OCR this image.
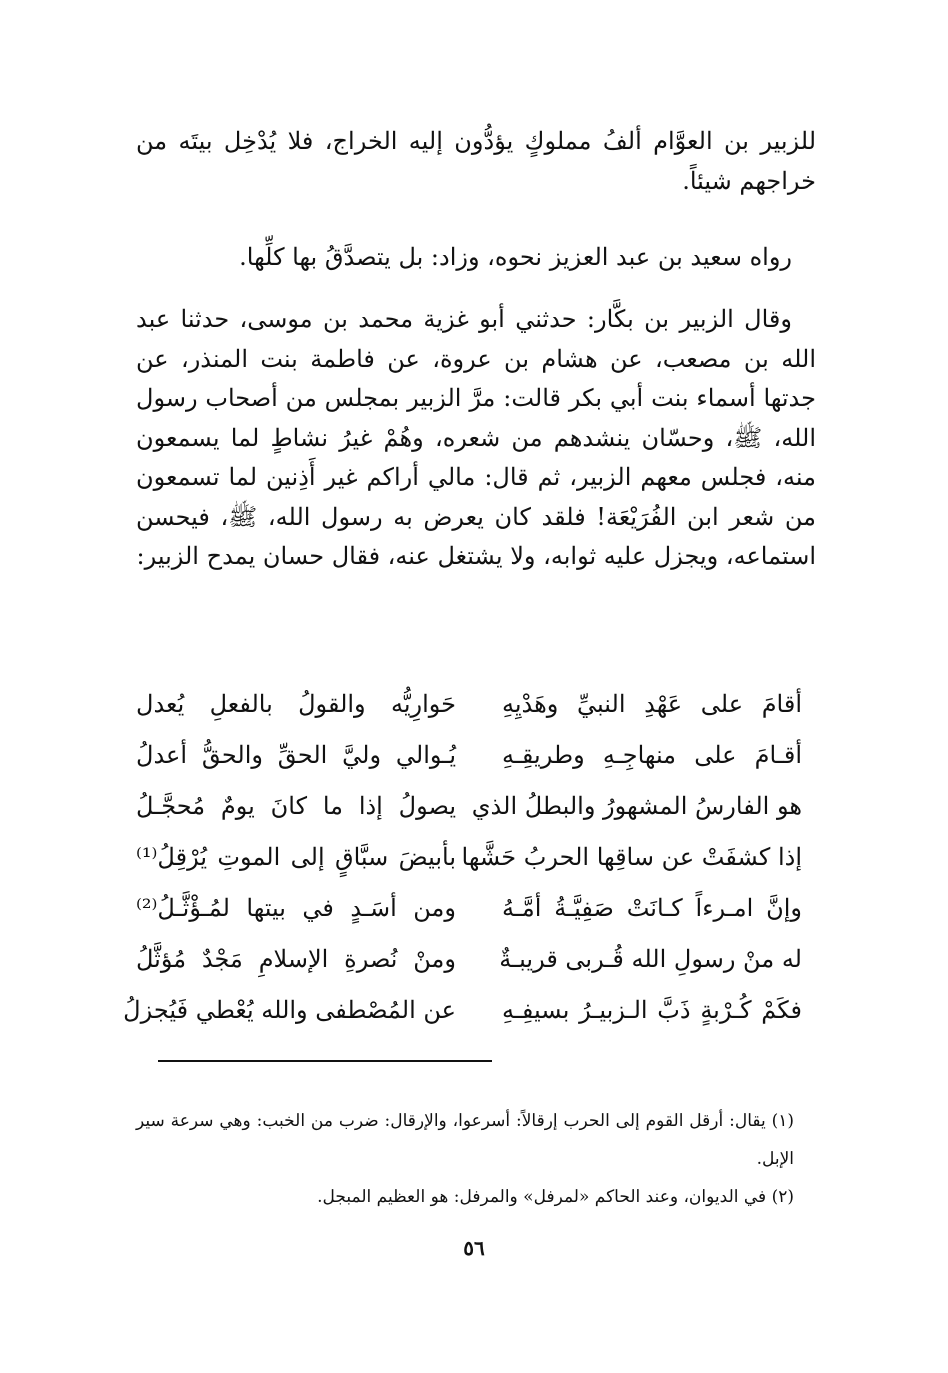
للزبير بن العوَّام ألفُ مملوكٍ يؤدُّون إليه الخراج، فلا يُدْخِل بيتَه من خراجهم شيئاً.

رواه سعيد بن عبد العزيز نحوه، وزاد: بل يتصدَّقُ بها كلِّها.

وقال الزبير بن بكَّار: حدثني أبو غزية محمد بن موسى، حدثنا عبد الله بن مصعب، عن هشام بن عروة، عن فاطمة بنت المنذر، عن جدتها أسماء بنت أبي بكر قالت: مرَّ الزبير بمجلس من أصحاب رسول الله، ﷺ، وحسّان ينشدهم من شعره، وهُمْ غيرُ نشاطٍ لما يسمعون منه، فجلس معهم الزبير، ثم قال: مالي أراكم غير أَذِنين لما تسمعون من شعر ابن الفُرَيْعَة! فلقد كان يعرض به رسول الله، ﷺ، فيحسن استماعه، ويجزل عليه ثوابه، ولا يشتغل عنه، فقال حسان يمدح الزبير:

أقامَ على عَهْدِ النبيِّ وهَدْيِهِ
حَوارِيُّه والقولُ بالفعلِ يُعدل
أقـامَ على منهاجِـهِ وطريقِـهِ
يُـوالي وليَّ الحقِّ والحقُّ أعدلُ
هو الفارسُ المشهورُ والبطلُ الذي
يصولُ إذا ما كانَ يومٌ مُحجَّـلُ
إذا كشفَتْ عن ساقِها الحربُ حَشَّها
بأبيضَ سبَّاقٍ إلى الموتِ يُرْقِلُ⁽¹⁾
وإنَّ امـرءاً كـانَتْ صَفِيَّـةُ أمَّـهُ
ومن أسَـدٍ في بيتها لمُـؤْثَّـلُ⁽²⁾
له منْ رسولِ الله قُـربى قريبـةٌ
ومنْ نُصرةِ الإسلامِ مَجْدٌ مُؤثَّلُ
فكَمْ كُـرْبةٍ ذَبَّ الـزبيـرُ بسيفِـهِ
عن المُصْطفى والله يُعْطي فَيُجزلُ

(١) يقال: أرقل القوم إلى الحرب إرقالاً: أسرعوا، والإرقال: ضرب من الخبب: وهي سرعة سير الإبل.

(٢) في الديوان، وعند الحاكم «لمرفل» والمرفل: هو العظيم المبجل.

٥٦
